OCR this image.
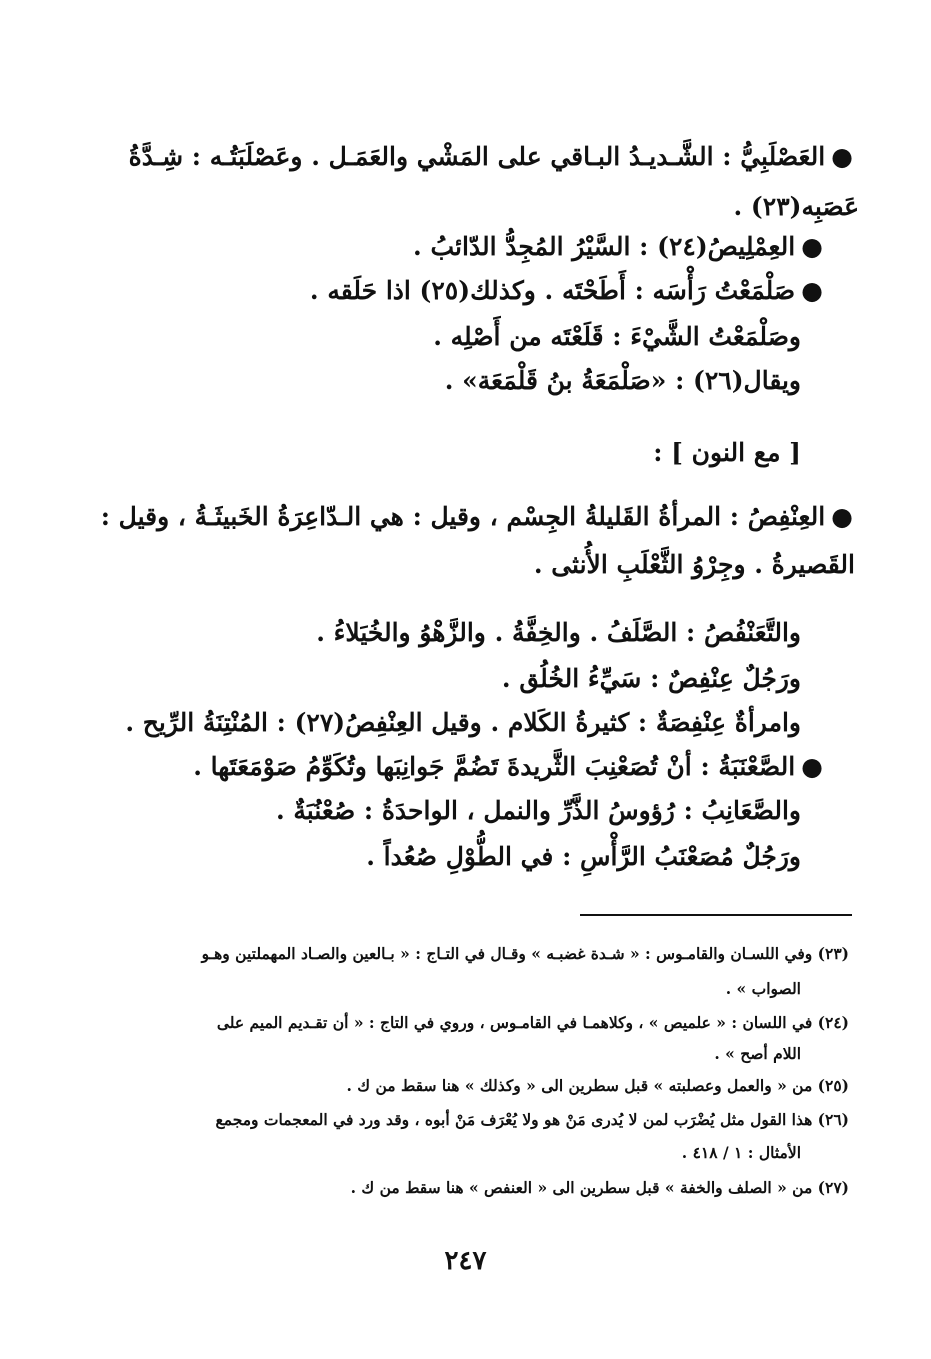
●العَصْلَبِيُّ : الشَّـديـدُ البـاقي على المَشْي والعَمَـل . وعَصْلَبَتُـه : شِـدَّةُ
عَصَبِه(٢٣) .
●العِمْلِيصُ(٢٤) : السَّيْرُ المُجِدُّ الدّائبُ .
●صَلْمَعْتُ رَأْسَه : أَطَحْتَه . وكذلك(٢٥) اذا حَلَقه .
وصَلْمَعْتُ الشَّيْءَ : قَلَعْتَه من أَصْلِه .
ويقال(٢٦) : «صَلْمَعَةُ بنُ قَلْمَعَة» .
[ مع النون ] :
●العِنْفِصُ : المرأةُ القَليلةُ الجِسْم ، وقيل : هي الـدّاعِرَةُ الخَبيثَـةُ ، وقيل :
القَصيرةُ . وجِرْوُ الثَّعْلَبِ الأُنثى .
والتَّعَنْفُصُ : الصَّلَفُ . والخِفَّةُ . والزَّهْوُ والخُيَلاءُ .
ورَجُلٌ عِنْفِصٌ : سَيِّءُ الخُلُق .
وامرأةٌ عِنْفِصَةٌ : كثيرةُ الكَلام . وقيل العِنْفِصُ(٢٧) : المُنْتِنَةُ الرِّيح .
●الصَّعْنَبَةُ : أنْ تُصَعْنِبَ الثَّريدةَ تَضُمَّ جَوانِبَها وتُكَوِّمُ صَوْمَعَتَها .
والصَّعَانِبُ : رُؤوسُ الذَّرِّ والنمل ، الواحدَةُ : صُعْنُبَةٌ .
ورَجُلٌ مُصَعْنَبُ الرَّأْسِ : في الطُّوْلِ صُعُداً .
(٢٣) وفي اللسـان والقامـوس : « شـدة غضبـه » وقـال في التـاج : « بـالعين والصـاد المهملتين وهـو
الصواب » .
(٢٤) في اللسان : « علميص » ، وكلاهمـا في القامـوس ، وروي في التاج : « أن تقـديم الميم على
اللام أصح » .
(٢٥) من « والعمل وعصلبته » قبل سطرين الى « وكذلك » هنا سقط من ك .
(٢٦) هذا القول مثل يُضْرَب لمن لا يُدرى مَنْ هو ولا يُعْرَف مَنْ أبوه ، وقد ورد في المعجمات ومجمع
الأمثال : ١ / ٤١٨ .
(٢٧) من « الصلف والخفة » قبل سطرين الى « العنفص » هنا سقط من ك .
٢٤٧
